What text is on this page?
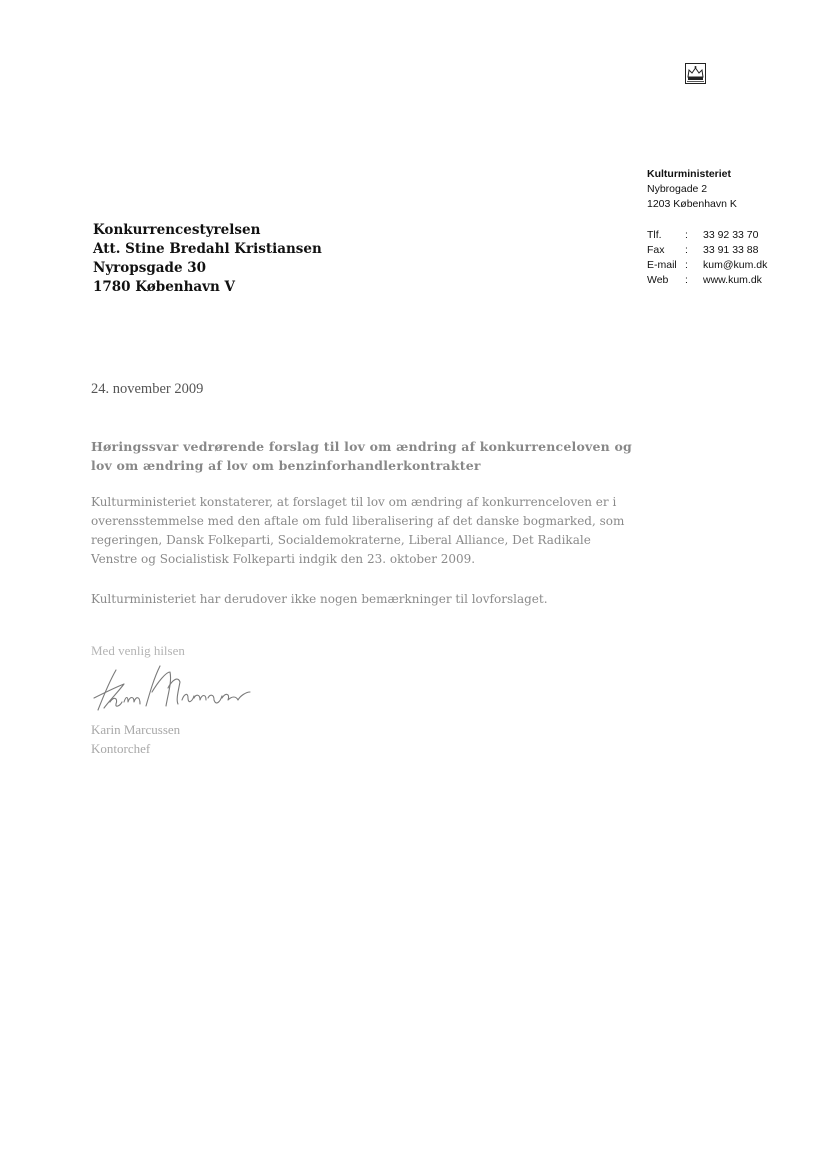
Kulturministeriet
Nybrogade 2
1203 København K
Tlf.	:	33 92 33 70
Fax	:	33 91 33 88
E-mail :	kum@kum.dk
Web	:	www.kum.dk
Konkurrencestyrelsen
Att. Stine Bredahl Kristiansen
Nyropsgade 30
1780 København V
24. november 2009
Høringssvar vedrørende forslag til lov om ændring af konkurrenceloven og
lov om ændring af lov om benzinforhandlerkontrakter
Kulturministeriet konstaterer, at forslaget til lov om ændring af konkurrenceloven er i
overensstemmelse med den aftale om fuld liberalisering af det danske bogmarked, som
regeringen, Dansk Folkeparti, Socialdemokraterne, Liberal Alliance, Det Radikale
Venstre og Socialistisk Folkeparti indgik den 23. oktober 2009.
Kulturministeriet har derudover ikke nogen bemærkninger til lovforslaget.
Med venlig hilsen
Karin Marcussen
Kontorchef
